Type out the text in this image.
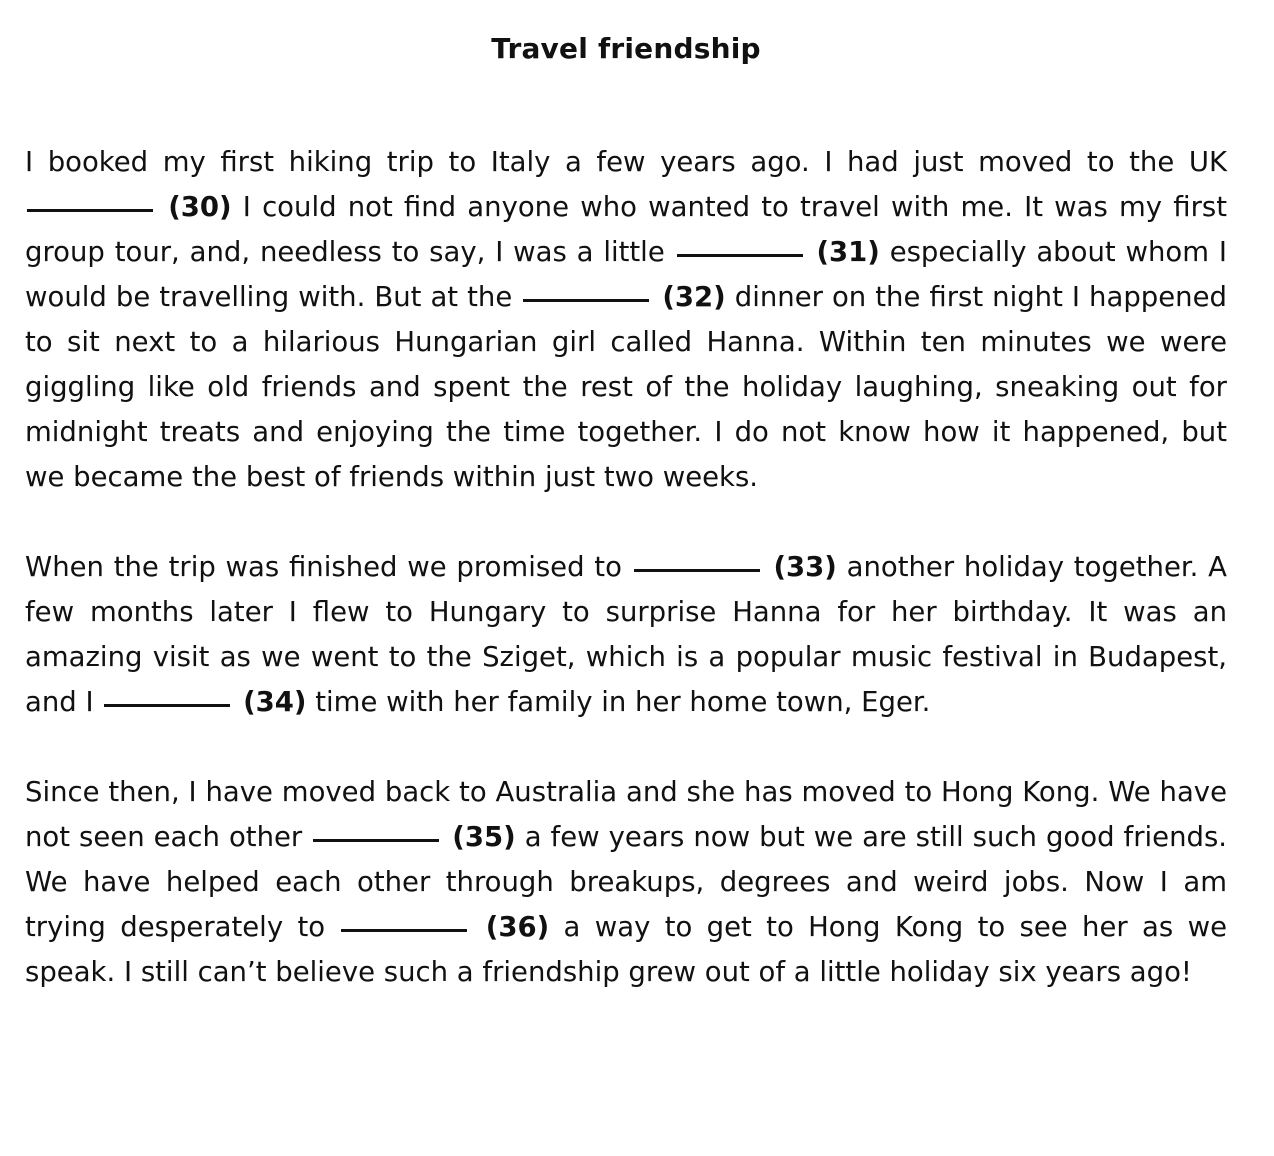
Travel friendship

I booked my first hiking trip to Italy a few years ago. I had just moved to the UK  (30) I could not find anyone who wanted to travel with me. It was my first group tour, and, needless to say, I was a little	(31) especially about whom I would be travelling with. But at the	(32) dinner on the first night I happened to sit next to a hilarious Hungarian girl called Hanna. Within ten minutes we were giggling like old friends and spent the rest of the holiday laughing, sneaking out for midnight treats and enjoying the time together. I do not know how it happened, but we became the best of friends within just two weeks.

When the trip was finished we promised to	(33) another holiday together. A few months later I flew to Hungary to surprise Hanna for her birthday. It was an amazing visit as we went to the Sziget, which is a popular music festival in Budapest, and I	(34) time with her family in her home town, Eger.

Since then, I have moved back to Australia and she has moved to Hong Kong. We have not seen each other	(35) a few years now but we are still such good friends. We have helped each other through breakups, degrees and weird jobs. Now I am trying desperately to	(36) a way to get to Hong Kong to see her as we speak. I still can’t believe such a friendship grew out of a little holiday six years ago!
